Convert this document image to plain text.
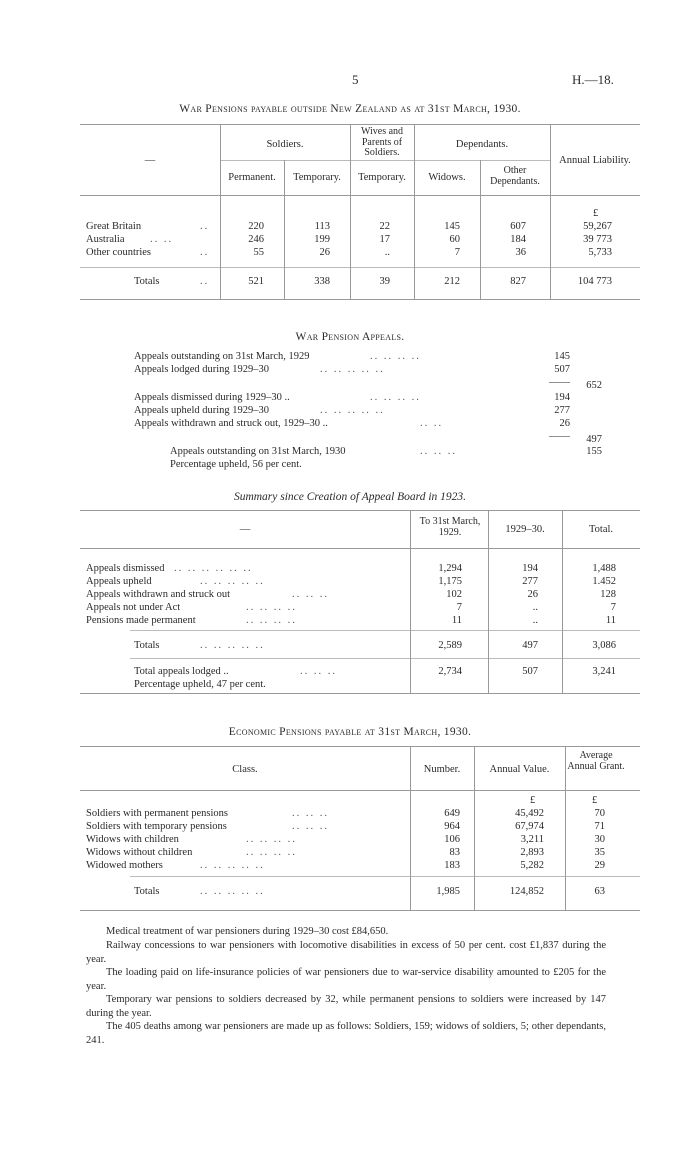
5	H.—18.
War Pensions payable outside New Zealand as at 31st March, 1930.
Soldiers.
Wives and Parents of Soldiers.
Dependants.
Annual Liability.
—
Permanent.	Temporary.	Temporary.	Widows.
Other Dependants.
£
Great Britain	..	220	113	22	145	607	59,267
Australia .. ..	246	199	17	60	184	39 773
Other countries	..	55	26	..	7	36	5,733
Totals	..	521	338	39	212	827	104 773
War Pension Appeals.
Appeals outstanding on 31st March, 1929	.. .. .. ..	145
Appeals lodged during 1929–30	.. .. .. .. ..	507
——	652
Appeals dismissed during 1929–30 ..	.. .. .. ..	194
Appeals upheld during 1929–30	.. .. .. .. ..	277
Appeals withdrawn and struck out, 1929–30 ..	.. ..	26
——	497
Appeals outstanding on 31st March, 1930	.. .. ..	155
Percentage upheld, 56 per cent.
Summary since Creation of Appeal Board in 1923.
—
To 31st March, 1929.	1929–30.	Total.
Appeals dismissed .. .. .. .. .. ..	1,294	194	1,488
Appeals upheld	.. .. .. .. ..	1,175	277	1.452
Appeals withdrawn and struck out	.. .. ..	102	26	128
Appeals not under Act	.. .. .. ..	7	..	7
Pensions made permanent	.. .. .. ..	11	..	11
Totals	.. .. .. .. ..	2,589	497	3,086
Total appeals lodged ..	.. .. ..	2,734	507	3,241
Percentage upheld, 47 per cent.
Economic Pensions payable at 31st March, 1930.
Class.	Number.	Annual Value.
Average Annual Grant.
£	£
Soldiers with permanent pensions	.. .. ..	649	45,492	70
Soldiers with temporary pensions	.. .. ..	964	67,974	71
Widows with children	.. .. .. ..	106	3,211	30
Widows without children	.. .. .. ..	83	2,893	35
Widowed mothers	.. .. .. .. ..	183	5,282	29
Totals	.. .. .. .. ..	1,985	124,852	63
Medical treatment of war pensioners during 1929–30 cost £84,650.
Railway concessions to war pensioners with locomotive disabilities in excess of 50 per cent. cost £1,837 during the year.
The loading paid on life-insurance policies of war pensioners due to war-service disability amounted to £205 for the year.
Temporary war pensions to soldiers decreased by 32, while permanent pensions to soldiers were increased by 147 during the year.
The 405 deaths among war pensioners are made up as follows: Soldiers, 159; widows of soldiers, 5; other dependants, 241.
